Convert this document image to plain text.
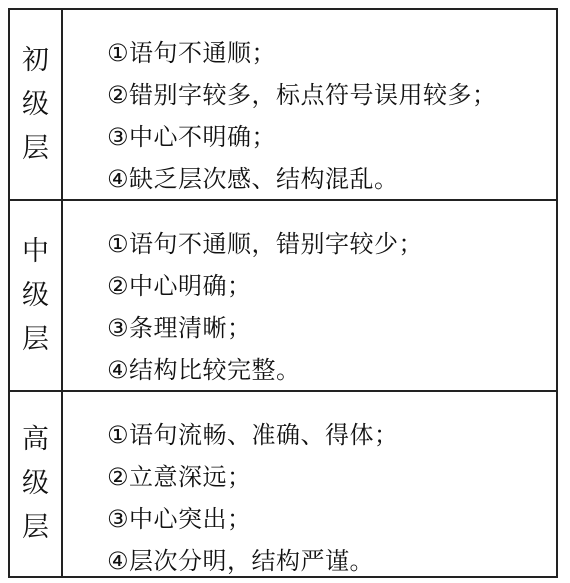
初
级
层
①语句不通顺；
②错别字较多，标点符号误用较多；
③中心不明确；
④缺乏层次感、结构混乱。
中
级
层
①语句不通顺，错别字较少；
②中心明确；
③条理清晰；
④结构比较完整。
高
级
层
①语句流畅、准确、得体；
②立意深远；
③中心突出；
④层次分明，结构严谨。
